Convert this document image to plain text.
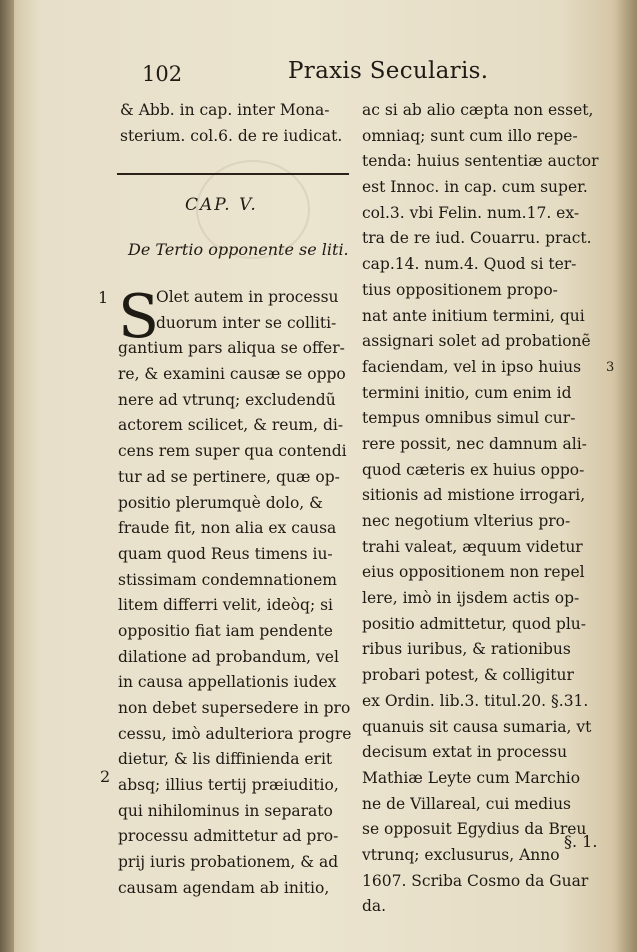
102	Praxis Secularis.
& Abb. in cap. inter Mona-
sterium. col.6. de re iudicat.
CAP. V.
De Tertio opponente se liti.
S
Olet autem in processu
duorum inter se colliti-
gantium pars aliqua se offer-
re, & examini causæ se oppo
nere ad vtrunq; excludendũ
actorem scilicet, & reum, di-
cens rem super qua contendi
tur ad se pertinere, quæ op-
positio plerumquè dolo, &
fraude fit, non alia ex causa
quam quod Reus timens iu-
stissimam condemnationem
litem differri velit, ideòq; si
oppositio fiat iam pendente
dilatione ad probandum, vel
in causa appellationis iudex
non debet supersedere in pro
cessu, imò adulteriora progre
dietur, & lis diffinienda erit
absq; illius tertij præiuditio,
qui nihilominus in separato
processu admittetur ad pro-
prij iuris probationem, & ad
causam agendam ab initio,
ac si ab alio cæpta non esset,
omniaq; sunt cum illo repe-
tenda: huius sententiæ auctor
est Innoc. in cap. cum super.
col.3. vbi Felin. num.17. ex-
tra de re iud. Couarru. pract.
cap.14. num.4. Quod si ter-
tius oppositionem propo-
nat ante initium termini, qui
assignari solet ad probationẽ
faciendam, vel in ipso huius
termini initio, cum enim id
tempus omnibus simul cur-
rere possit, nec damnum ali-
quod cæteris ex huius oppo-
sitionis ad mistione irrogari,
nec negotium vlterius pro-
trahi valeat, æquum videtur
eius oppositionem non repel
lere, imò in ijsdem actis op-
positio admittetur, quod plu-
ribus iuribus, & rationibus
probari potest, & colligitur
ex Ordin. lib.3. titul.20. §.31.
quanuis sit causa sumaria, vt
decisum extat in processu
Mathiæ Leyte cum Marchio
ne de Villareal, cui medius
se opposuit Egydius da Breu
vtrunq; exclusurus, Anno
1607. Scriba Cosmo da Guar
da.
§. 1.
1
2
3
